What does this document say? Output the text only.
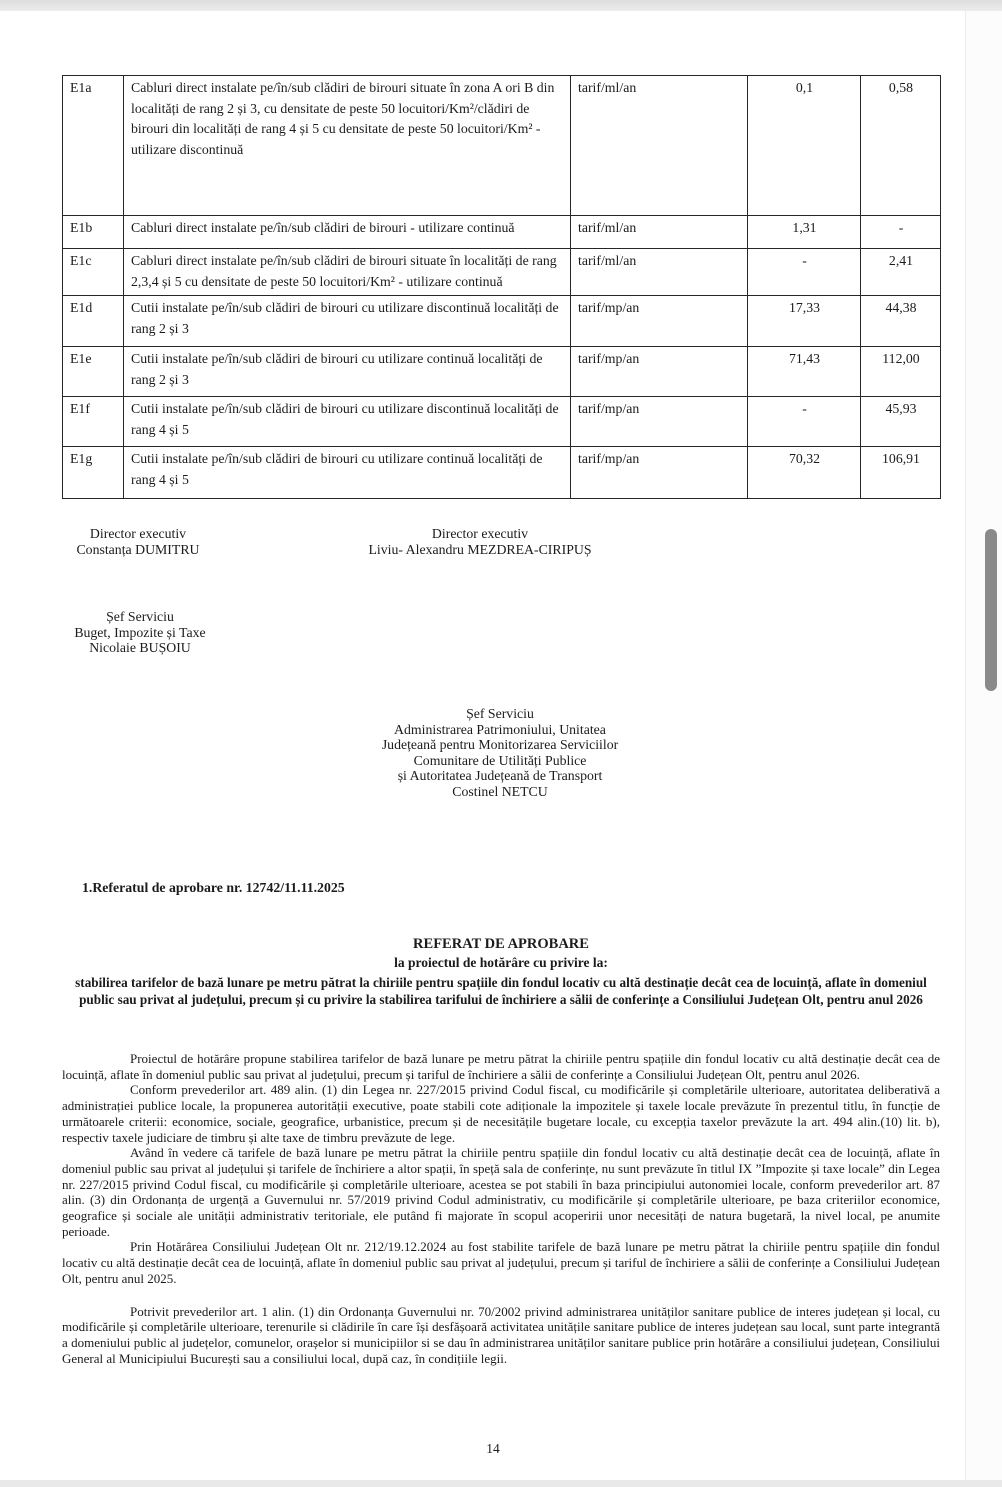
E1a	Cabluri direct instalate pe/în/sub clădiri de birouri situate în zona A ori B din localități de rang 2 și 3, cu densitate de peste 50 locuitori/Km²/clădiri de birouri din localități de rang 4 și 5 cu densitate de peste 50 locuitori/Km² - utilizare discontinuă	tarif/ml/an	0,1	0,58
E1b	Cabluri direct instalate pe/în/sub clădiri de birouri - utilizare continuă	tarif/ml/an	1,31	-
E1c	Cabluri direct instalate pe/în/sub clădiri de birouri situate în localități de rang 2,3,4 și 5 cu densitate de peste 50 locuitori/Km² - utilizare continuă	tarif/ml/an	-	2,41
E1d	Cutii instalate pe/în/sub clădiri de birouri cu utilizare discontinuă localități de rang 2 și 3	tarif/mp/an	17,33	44,38
E1e	Cutii instalate pe/în/sub clădiri de birouri cu utilizare continuă localități de rang 2 și 3	tarif/mp/an	71,43	112,00
E1f	Cutii instalate pe/în/sub clădiri de birouri cu utilizare discontinuă localități de rang 4 și 5	tarif/mp/an	-	45,93
E1g	Cutii instalate pe/în/sub clădiri de birouri cu utilizare continuă localități de rang 4 și 5	tarif/mp/an	70,32	106,91
Director executiv
Constanța DUMITRU
Director executiv
Liviu- Alexandru MEZDREA-CIRIPUȘ
Șef Serviciu
Buget, Impozite și Taxe
Nicolaie BUȘOIU
Șef Serviciu
Administrarea Patrimoniului, Unitatea
Județeană pentru Monitorizarea Serviciilor
Comunitare de Utilități Publice
și Autoritatea Județeană de Transport
Costinel NETCU
1.Referatul de aprobare nr. 12742/11.11.2025
REFERAT DE APROBARE
la proiectul de hotărâre cu privire la:
stabilirea tarifelor de bază lunare pe metru pătrat la chiriile pentru spațiile din fondul locativ cu altă destinație decât cea de locuință, aflate în domeniul public sau privat al județului, precum și cu privire la stabilirea tarifului de închiriere a sălii de conferințe a Consiliului Județean Olt, pentru anul 2026

Proiectul de hotărâre propune stabilirea tarifelor de bază lunare pe metru pătrat la chiriile pentru spațiile din fondul locativ cu altă destinație decât cea de locuință, aflate în domeniul public sau privat al județului, precum și tariful de închiriere a sălii de conferințe a Consiliului Județean Olt, pentru anul 2026.

Conform prevederilor art. 489 alin. (1) din Legea nr. 227/2015 privind Codul fiscal, cu modificările și completările ulterioare, autoritatea deliberativă a administrației publice locale, la propunerea autorității executive, poate stabili cote adiționale la impozitele și taxele locale prevăzute în prezentul titlu, în funcție de următoarele criterii: economice, sociale, geografice, urbanistice, precum și de necesitățile bugetare locale, cu excepția taxelor prevăzute la art. 494 alin.(10) lit. b), respectiv taxele judiciare de timbru și alte taxe de timbru prevăzute de lege.

Având în vedere că tarifele de bază lunare pe metru pătrat la chiriile pentru spațiile din fondul locativ cu altă destinație decât cea de locuință, aflate în domeniul public sau privat al județului și tarifele de închiriere a altor spații, în speță sala de conferințe, nu sunt prevăzute în titlul IX ”Impozite și taxe locale” din Legea nr. 227/2015 privind Codul fiscal, cu modificările și completările ulterioare, acestea se pot stabili în baza principiului autonomiei locale, conform prevederilor art. 87 alin. (3) din Ordonanța de urgență a Guvernului nr. 57/2019 privind Codul administrativ, cu modificările și completările ulterioare, pe baza criteriilor economice, geografice și sociale ale unității administrativ teritoriale, ele putând fi majorate în scopul acoperirii unor necesități de natura bugetară, la nivel local, pe anumite perioade.

Prin Hotărârea Consiliului Județean Olt nr. 212/19.12.2024 au fost stabilite tarifele de bază lunare pe metru pătrat la chiriile pentru spațiile din fondul locativ cu altă destinație decât cea de locuință, aflate în domeniul public sau privat al județului, precum și tariful de închiriere a sălii de conferințe a Consiliului Județean Olt, pentru anul 2025.

Potrivit prevederilor art. 1 alin. (1) din Ordonanța Guvernului nr. 70/2002 privind administrarea unităților sanitare publice de interes județean și local, cu modificările și completările ulterioare, terenurile si clădirile în care își desfășoară activitatea unitățile sanitare publice de interes județean sau local, sunt parte integrantă a domeniului public al județelor, comunelor, orașelor si municipiilor si se dau în administrarea unităților sanitare publice prin hotărâre a consiliului județean, Consiliului General al Municipiului București sau a consiliului local, după caz, în condițiile legii.

14
